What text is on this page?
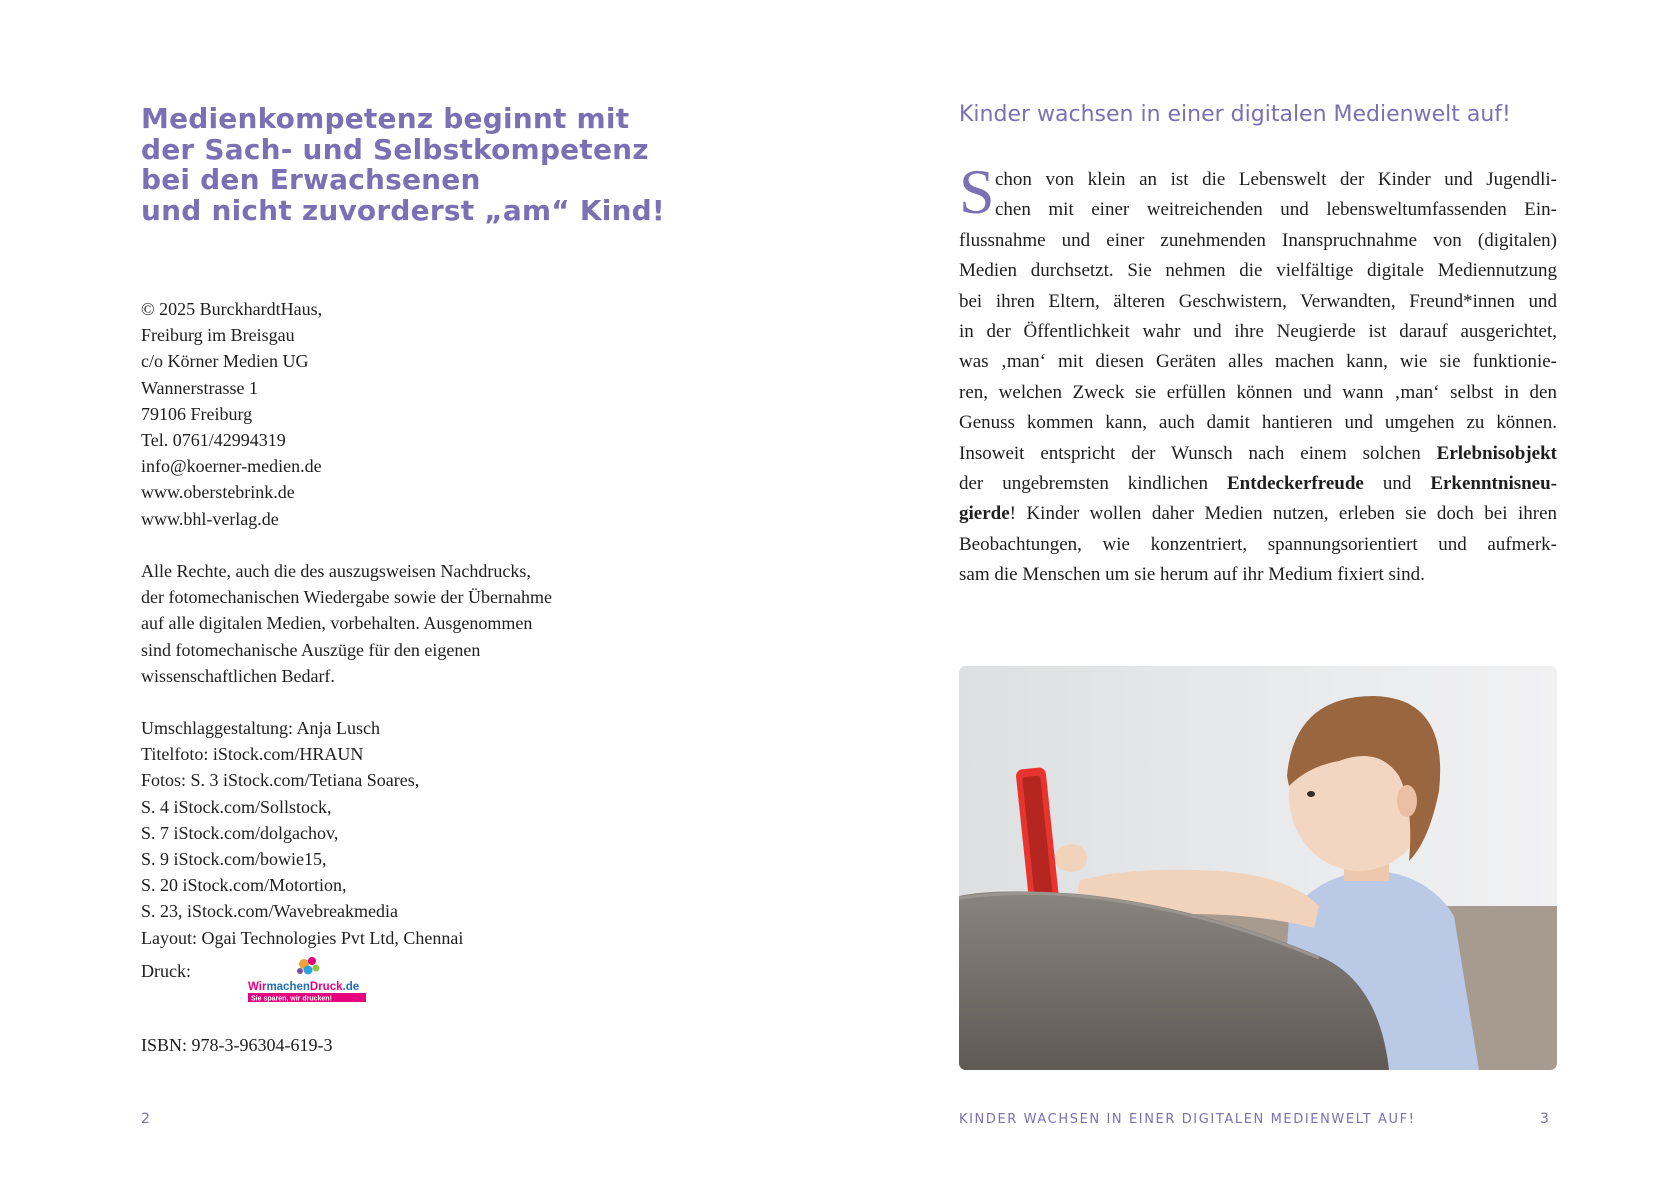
Medienkompetenz beginnt mit
der Sach- und Selbstkompetenz
bei den Erwachsenen
und nicht zuvorderst „am“ Kind!
© 2025 BurckhardtHaus,
Freiburg im Breisgau
c/o Körner Medien UG
Wannerstrasse 1
79106 Freiburg
Tel. 0761/42994319
info@koerner-medien.de
www.oberstebrink.de
www.bhl-verlag.de
Alle Rechte, auch die des auszugsweisen Nachdrucks,
der fotomechanischen Wiedergabe sowie der Übernahme
auf alle digitalen Medien, vorbehalten. Ausgenommen
sind fotomechanische Auszüge für den eigenen
wissenschaftlichen Bedarf.
Umschlaggestaltung: Anja Lusch
Titelfoto: iStock.com/HRAUN
Fotos: S. 3 iStock.com/Tetiana Soares,
S. 4 iStock.com/Sollstock,
S. 7 iStock.com/dolgachov,
S. 9 iStock.com/bowie15,
S. 20 iStock.com/Motortion,
S. 23, iStock.com/Wavebreakmedia
Layout: Ogai Technologies Pvt Ltd, Chennai
Druck:
WirmachenDruck.de
Sie sparen, wir drucken!
ISBN: 978-3-96304-619-3
2
Kinder wachsen in einer digitalen Medienwelt auf!
S chon von klein an ist die Lebenswelt der Kinder und Jugendli-
chen mit einer weitreichenden und lebensweltumfassenden Ein-
flussnahme und einer zunehmenden Inanspruchnahme von (digitalen)
Medien durchsetzt. Sie nehmen die vielfältige digitale Mediennutzung
bei ihren Eltern, älteren Geschwistern, Verwandten, Freund*innen und
in der Öffentlichkeit wahr und ihre Neugierde ist darauf ausgerichtet,
was ‚man‘ mit diesen Geräten alles machen kann, wie sie funktionie-
ren, welchen Zweck sie erfüllen können und wann ‚man‘ selbst in den
Genuss kommen kann, auch damit hantieren und umgehen zu können.
Insoweit entspricht der Wunsch nach einem solchen Erlebnisobjekt
der ungebremsten kindlichen Entdeckerfreude und Erkenntnisneu-
gierde! Kinder wollen daher Medien nutzen, erleben sie doch bei ihren
Beobachtungen, wie konzentriert, spannungsorientiert und aufmerk-
sam die Menschen um sie herum auf ihr Medium fixiert sind.
KINDER WACHSEN IN EINER DIGITALEN MEDIENWELT AUF!	3
